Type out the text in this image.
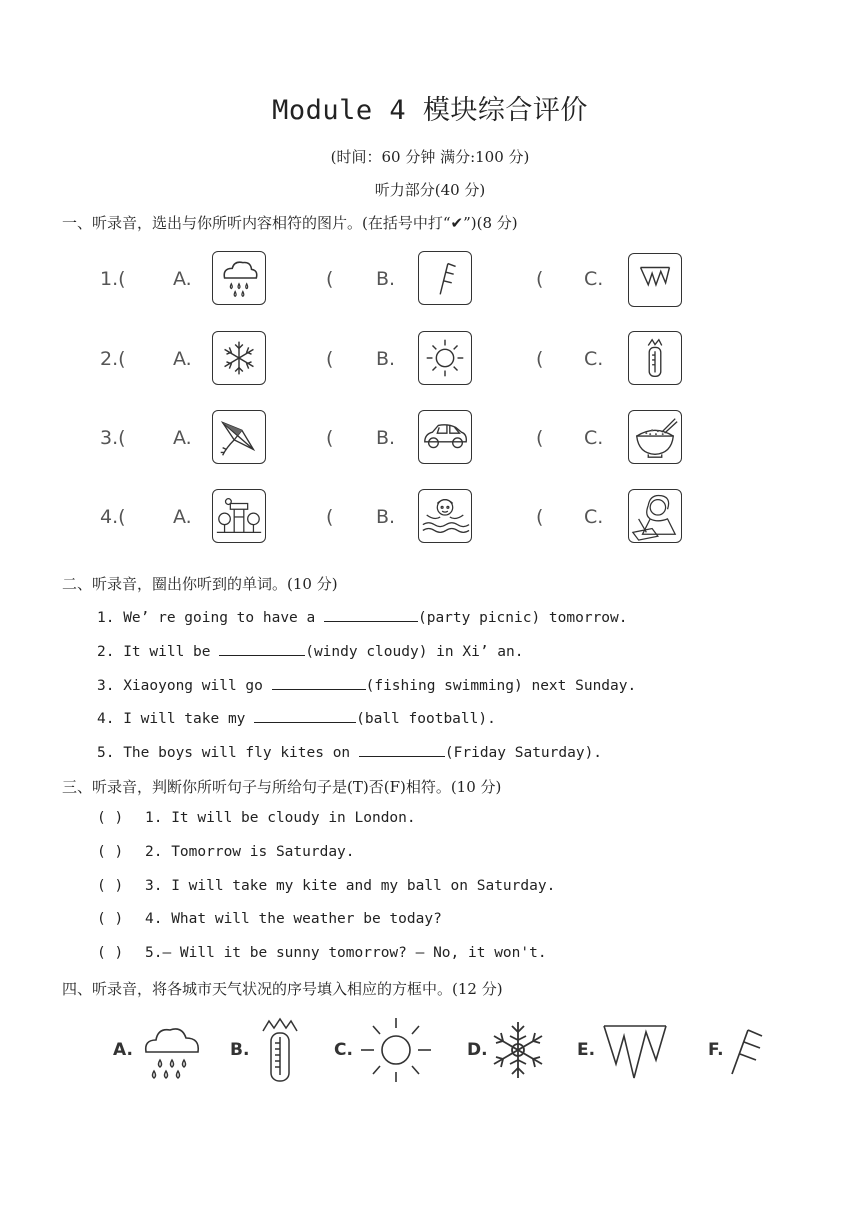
Module 4 模块综合评价
(时间：60 分钟 满分:100 分)
听力部分(40 分)
一、听录音，选出与你所听内容相符的图片。(在括号中打“✔”)(8 分)
1.( A.	( B.	( C.
2.( A.	( B.	( C.
3.( A.	( B.	( C.
4.( A.	( B.	( C.
二、听录音，圈出你听到的单词。(10 分)
1. We’ re going to have a	(party picnic) tomorrow.
2. It will be	(windy cloudy) in Xi’ an.
3. Xiaoyong will go	(fishing swimming) next Sunday.
4. I will take my	(ball football).
5. The boys will fly kites on	(Friday Saturday).
三、听录音，判断你所听句子与所给句子是(T)否(F)相符。(10 分)
( ) 1. It will be cloudy in London.
( ) 2. Tomorrow is Saturday.
( ) 3. I will take my kite and my ball on Saturday.
( ) 4. What will the weather be today?
( ) 5.— Will it be sunny tomorrow? — No, it won't.
四、听录音，将各城市天气状况的序号填入相应的方框中。(12 分)
A.	B.	C.	D.	E.	F.
